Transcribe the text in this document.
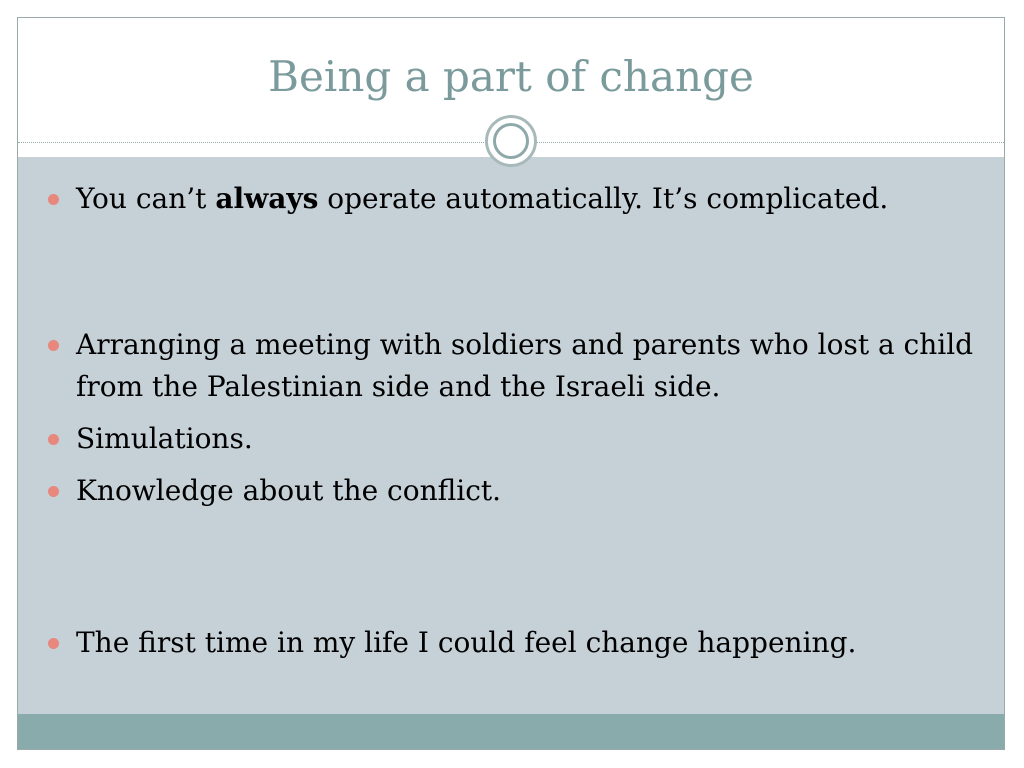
Being a part of change
You can’t always operate automatically. It’s complicated.
Arranging a meeting with soldiers and parents who lost a child from the Palestinian side and the Israeli side.
Simulations.
Knowledge about the conflict.
The first time in my life I could feel change happening.
